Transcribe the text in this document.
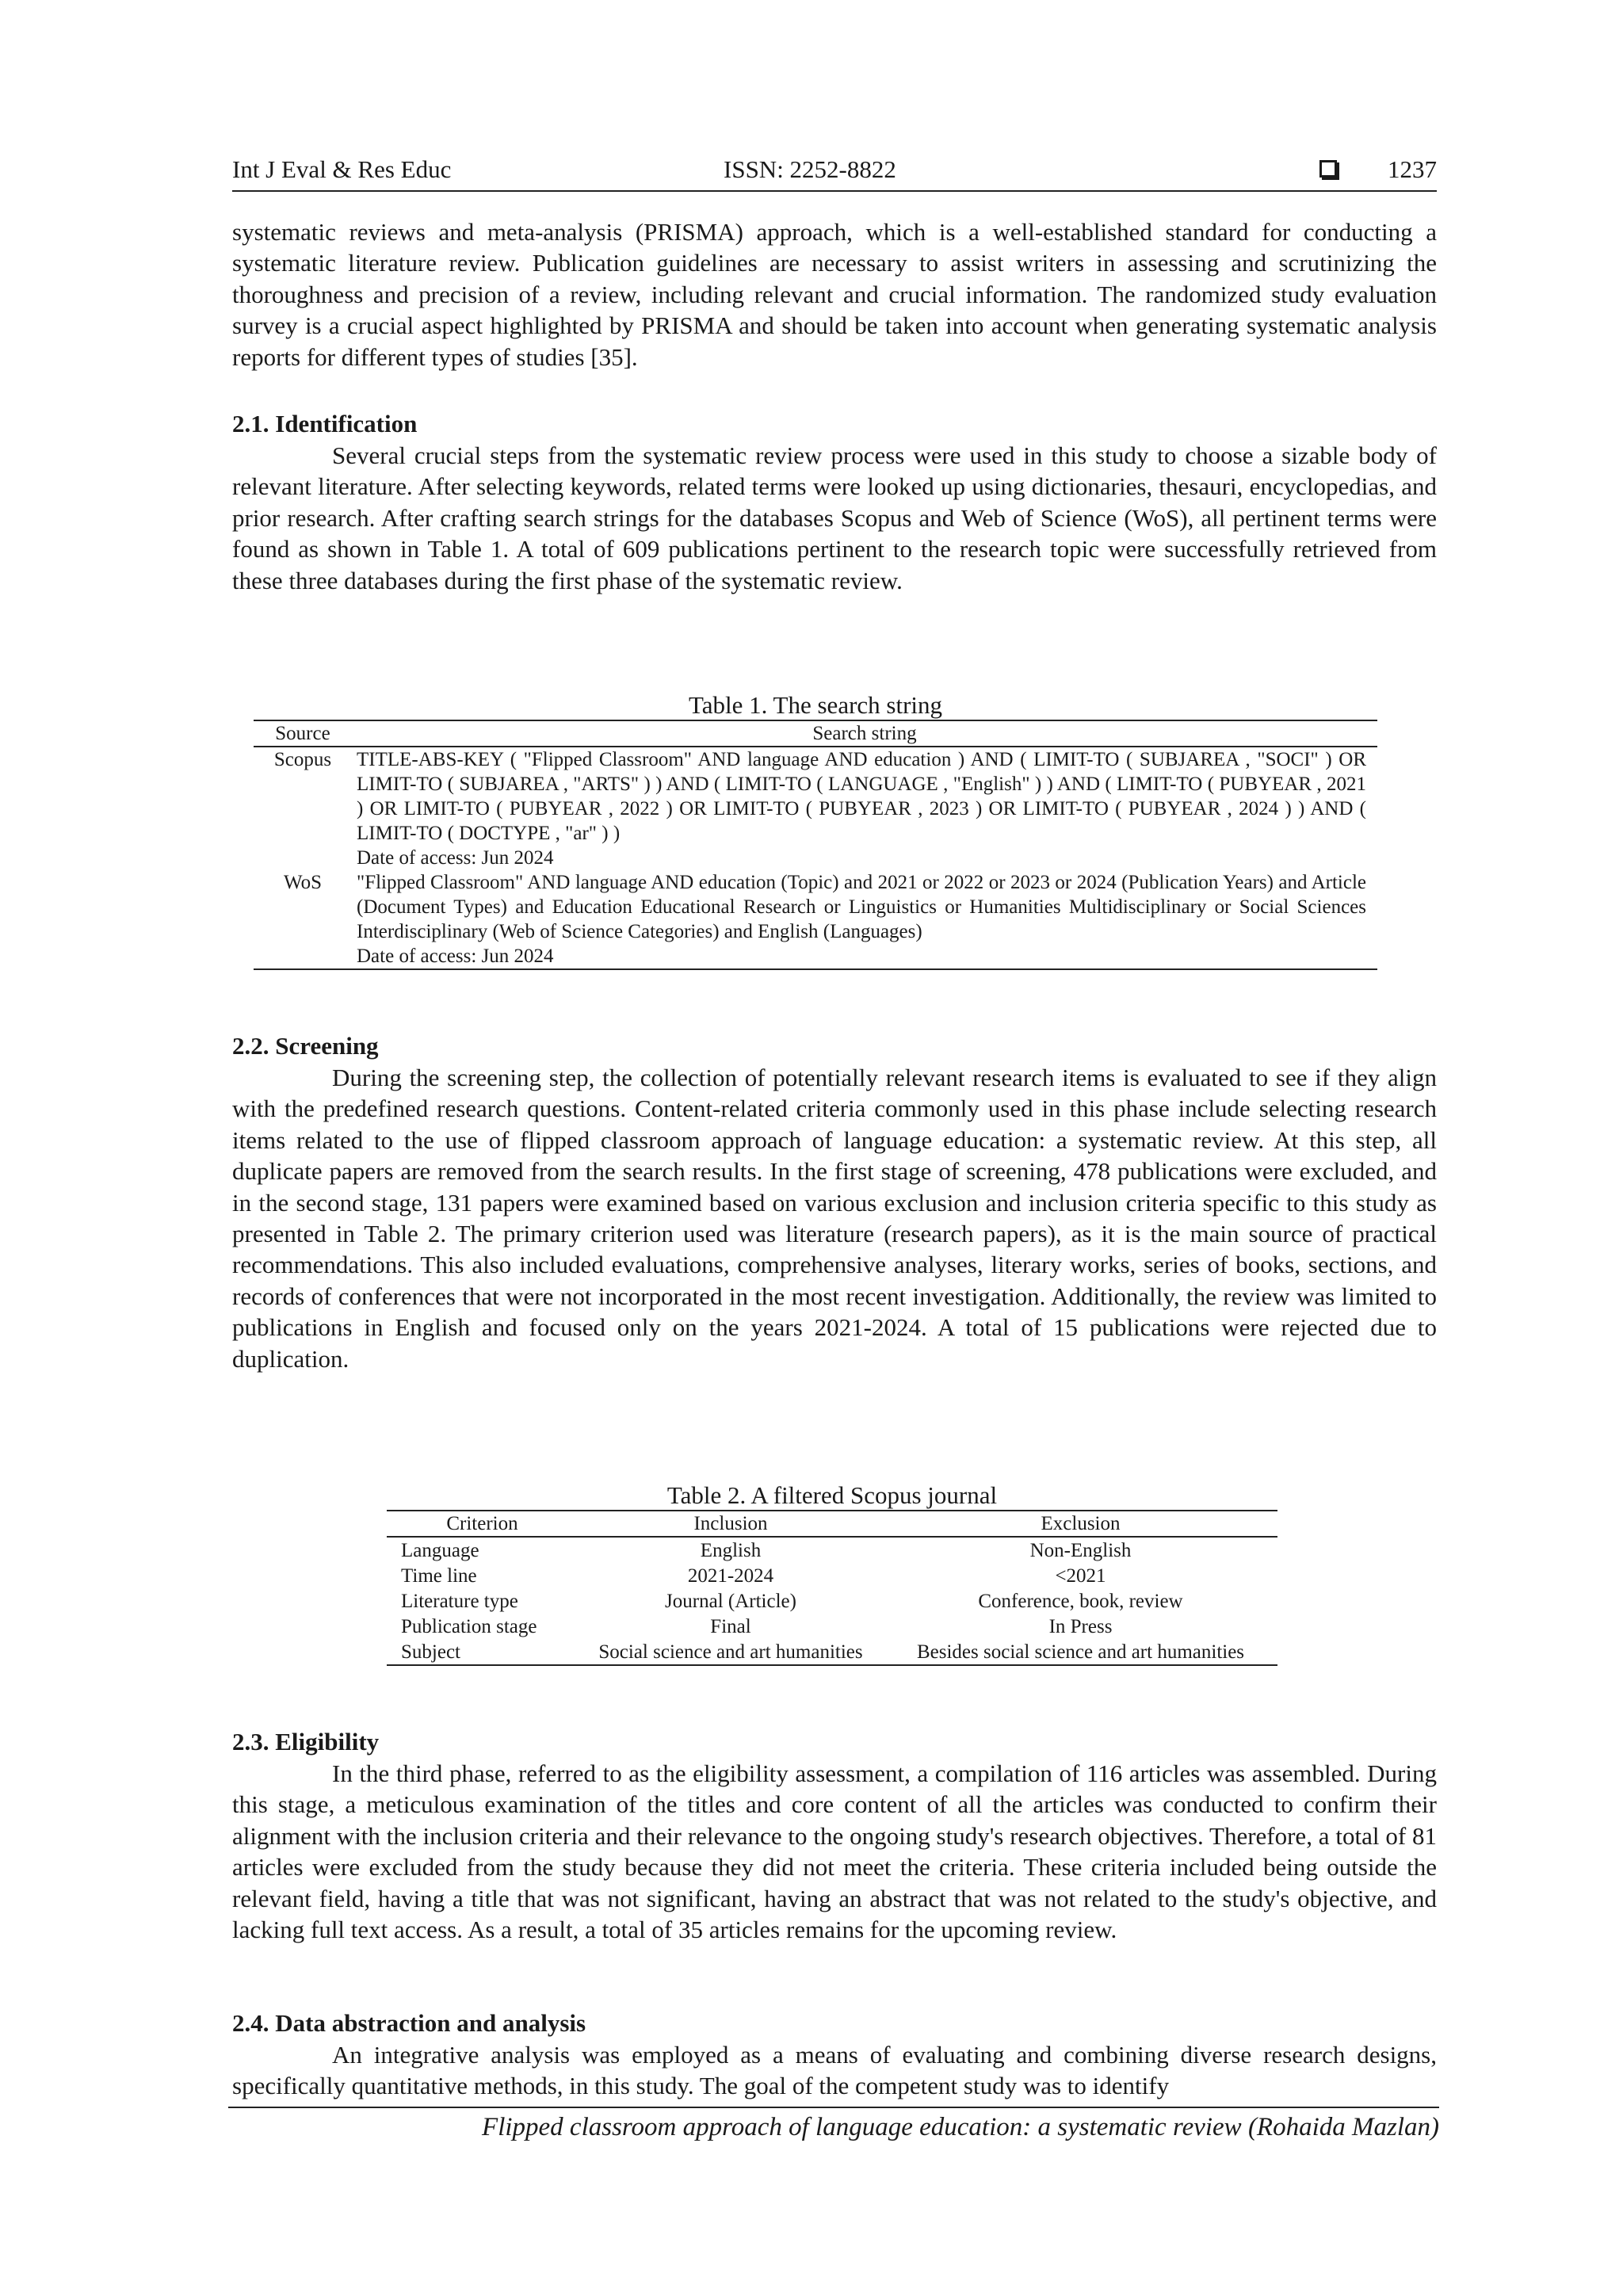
Int J Eval & Res Educ	ISSN: 2252-8822	1237

systematic reviews and meta-analysis (PRISMA) approach, which is a well-established standard for conducting a systematic literature review. Publication guidelines are necessary to assist writers in assessing and scrutinizing the thoroughness and precision of a review, including relevant and crucial information. The randomized study evaluation survey is a crucial aspect highlighted by PRISMA and should be taken into account when generating systematic analysis reports for different types of studies [35].

2.1. Identification

Several crucial steps from the systematic review process were used in this study to choose a sizable body of relevant literature. After selecting keywords, related terms were looked up using dictionaries, thesauri, encyclopedias, and prior research. After crafting search strings for the databases Scopus and Web of Science (WoS), all pertinent terms were found as shown in Table 1. A total of 609 publications pertinent to the research topic were successfully retrieved from these three databases during the first phase of the systematic review.

Table 1. The search string
Source	Search string
Scopus	TITLE-ABS-KEY ( "Flipped Classroom" AND language AND education ) AND ( LIMIT-TO ( SUBJAREA , "SOCI" ) OR LIMIT-TO ( SUBJAREA , "ARTS" ) ) AND ( LIMIT-TO ( LANGUAGE , "English" ) ) AND ( LIMIT-TO ( PUBYEAR , 2021 ) OR LIMIT-TO ( PUBYEAR , 2022 ) OR LIMIT-TO ( PUBYEAR , 2023 ) OR LIMIT-TO ( PUBYEAR , 2024 ) ) AND ( LIMIT-TO ( DOCTYPE , "ar" ) )
Date of access: Jun 2024

WoS	"Flipped Classroom" AND language AND education (Topic) and 2021 or 2022 or 2023 or 2024 (Publication Years) and Article (Document Types) and Education Educational Research or Linguistics or Humanities Multidisciplinary or Social Sciences Interdisciplinary (Web of Science Categories) and English (Languages)
Date of access: Jun 2024
2.2. Screening

During the screening step, the collection of potentially relevant research items is evaluated to see if they align with the predefined research questions. Content-related criteria commonly used in this phase include selecting research items related to the use of flipped classroom approach of language education: a systematic review. At this step, all duplicate papers are removed from the search results. In the first stage of screening, 478 publications were excluded, and in the second stage, 131 papers were examined based on various exclusion and inclusion criteria specific to this study as presented in Table 2. The primary criterion used was literature (research papers), as it is the main source of practical recommendations. This also included evaluations, comprehensive analyses, literary works, series of books, sections, and records of conferences that were not incorporated in the most recent investigation. Additionally, the review was limited to publications in English and focused only on the years 2021-2024. A total of 15 publications were rejected due to duplication.

Table 2. A filtered Scopus journal
Criterion	Inclusion	Exclusion
Language	English	Non-English
Time line	2021-2024	<2021
Literature type	Journal (Article)	Conference, book, review
Publication stage	Final	In Press
Subject	Social science and art humanities	Besides social science and art humanities
2.3. Eligibility

In the third phase, referred to as the eligibility assessment, a compilation of 116 articles was assembled. During this stage, a meticulous examination of the titles and core content of all the articles was conducted to confirm their alignment with the inclusion criteria and their relevance to the ongoing study's research objectives. Therefore, a total of 81 articles were excluded from the study because they did not meet the criteria. These criteria included being outside the relevant field, having a title that was not significant, having an abstract that was not related to the study's objective, and lacking full text access. As a result, a total of 35 articles remains for the upcoming review.

2.4. Data abstraction and analysis

An integrative analysis was employed as a means of evaluating and combining diverse research designs, specifically quantitative methods, in this study. The goal of the competent study was to identify

Flipped classroom approach of language education: a systematic review (Rohaida Mazlan)
